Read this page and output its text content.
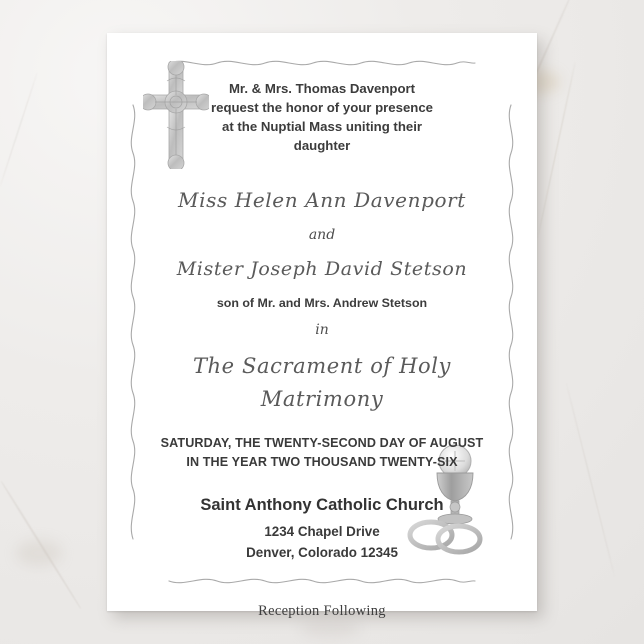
Mr. & Mrs. Thomas Davenport request the honor of your presence at the Nuptial Mass uniting their daughter
Miss Helen Ann Davenport
and
Mister Joseph David Stetson
son of Mr. and Mrs. Andrew Stetson
in
The Sacrament of Holy
Matrimony
SATURDAY, THE TWENTY-SECOND DAY OF AUGUST
IN THE YEAR TWO THOUSAND TWENTY-SIX
Saint Anthony Catholic Church
1234 Chapel Drive
Denver, Colorado 12345
Reception Following
